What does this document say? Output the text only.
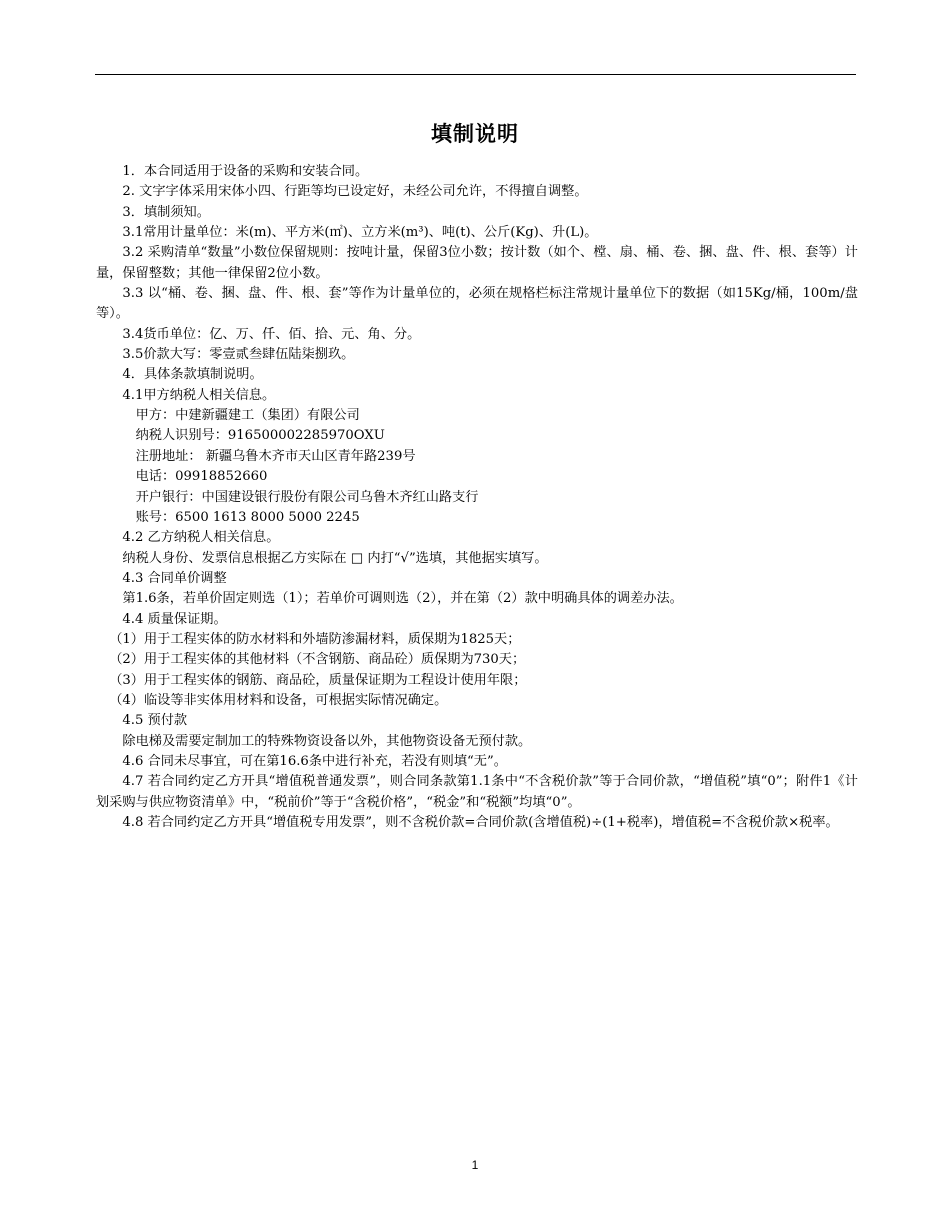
填制说明

1．本合同适用于设备的采购和安装合同。

2. 文字字体采用宋体小四、行距等均已设定好，未经公司允许，不得擅自调整。

3．填制须知。

3.1常用计量单位：米(m)、平方米(㎡)、立方米(m³)、吨(t)、公斤(Kg)、升(L)。

3.2 采购清单“数量”小数位保留规则：按吨计量，保留3位小数；按计数（如个、樘、扇、桶、卷、捆、盘、件、根、套等）计量，保留整数；其他一律保留2位小数。

3.3 以“桶、卷、捆、盘、件、根、套”等作为计量单位的，必须在规格栏标注常规计量单位下的数据（如15Kg/桶，100m/盘等）。

3.4货币单位：亿、万、仟、佰、拾、元、角、分。

3.5价款大写：零壹贰叁肆伍陆柒捌玖。

4．具体条款填制说明。

4.1甲方纳税人相关信息。

甲方：中建新疆建工（集团）有限公司

纳税人识别号：916500002285970OXU

注册地址： 新疆乌鲁木齐市天山区青年路239号

电话：09918852660

开户银行：中国建设银行股份有限公司乌鲁木齐红山路支行

账号：6500 1613 8000 5000 2245

4.2 乙方纳税人相关信息。

纳税人身份、发票信息根据乙方实际在 □ 内打“√”选填，其他据实填写。

4.3 合同单价调整

第1.6条，若单价固定则选（1）；若单价可调则选（2），并在第（2）款中明确具体的调差办法。

4.4 质量保证期。

（1）用于工程实体的防水材料和外墙防渗漏材料，质保期为1825天；

（2）用于工程实体的其他材料（不含钢筋、商品砼）质保期为730天；

（3）用于工程实体的钢筋、商品砼，质量保证期为工程设计使用年限；

（4）临设等非实体用材料和设备，可根据实际情况确定。

4.5 预付款

除电梯及需要定制加工的特殊物资设备以外，其他物资设备无预付款。

4.6 合同未尽事宜，可在第16.6条中进行补充，若没有则填“无”。

4.7 若合同约定乙方开具“增值税普通发票”，则合同条款第1.1条中“不含税价款”等于合同价款，“增值税”填“0”；附件1《计划采购与供应物资清单》中，“税前价”等于“含税价格”，“税金”和“税额”均填“0”。

4.8 若合同约定乙方开具“增值税专用发票”，则不含税价款=合同价款(含增值税)÷(1+税率)，增值税=不含税价款×税率。

1
